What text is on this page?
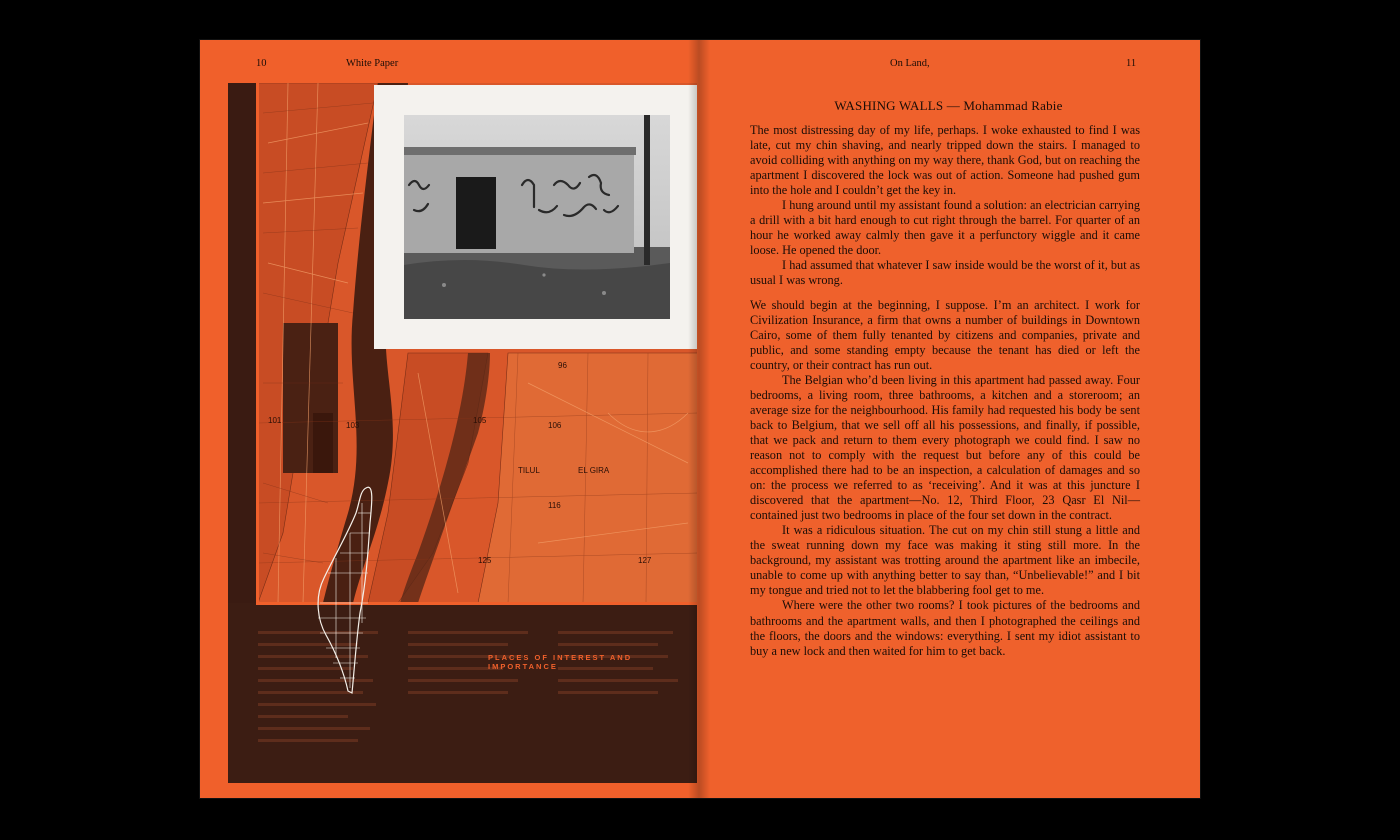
10	White Paper
101
103
105
106
116
125	127
96
TILUL	EL GIRA
PLACES OF INTEREST AND IMPORTANCE
On Land,	11
WASHING WALLS — Mohammad Rabie

The most distressing day of my life, perhaps. I woke exhausted to find I was late, cut my chin shaving, and nearly tripped down the stairs. I managed to avoid colliding with anything on my way there, thank God, but on reaching the apartment I discovered the lock was out of action. Someone had pushed gum into the hole and I couldn’t get the key in.

I hung around until my assistant found a solution: an electrician carrying a drill with a bit hard enough to cut right through the barrel. For quarter of an hour he worked away calmly then gave it a perfunctory wiggle and it came loose. He opened the door.

I had assumed that whatever I saw inside would be the worst of it, but as usual I was wrong.

We should begin at the beginning, I suppose. I’m an architect. I work for Civilization Insurance, a firm that owns a number of buildings in Downtown Cairo, some of them fully tenanted by citizens and companies, private and public, and some standing empty because the tenant has died or left the country, or their contract has run out.

The Belgian who’d been living in this apartment had passed away. Four bedrooms, a living room, three bathrooms, a kitchen and a storeroom; an average size for the neighbourhood. His family had requested his body be sent back to Belgium, that we sell off all his possessions, and finally, if possible, that we pack and return to them every photograph we could find. I saw no reason not to comply with the request but before any of this could be accomplished there had to be an inspection, a calculation of damages and so on: the process we referred to as ‘receiving’. And it was at this juncture I discovered that the apartment—No. 12, Third Floor, 23 Qasr El Nil—contained just two bedrooms in place of the four set down in the contract.

It was a ridiculous situation. The cut on my chin still stung a little and the sweat running down my face was making it sting still more. In the background, my assistant was trotting around the apartment like an imbecile, unable to come up with anything better to say than, “Unbelievable!” and I bit my tongue and tried not to let the blabbering fool get to me.

Where were the other two rooms? I took pictures of the bedrooms and bathrooms and the apartment walls, and then I photographed the ceilings and the floors, the doors and the windows: everything. I sent my idiot assistant to buy a new lock and then waited for him to get back.
